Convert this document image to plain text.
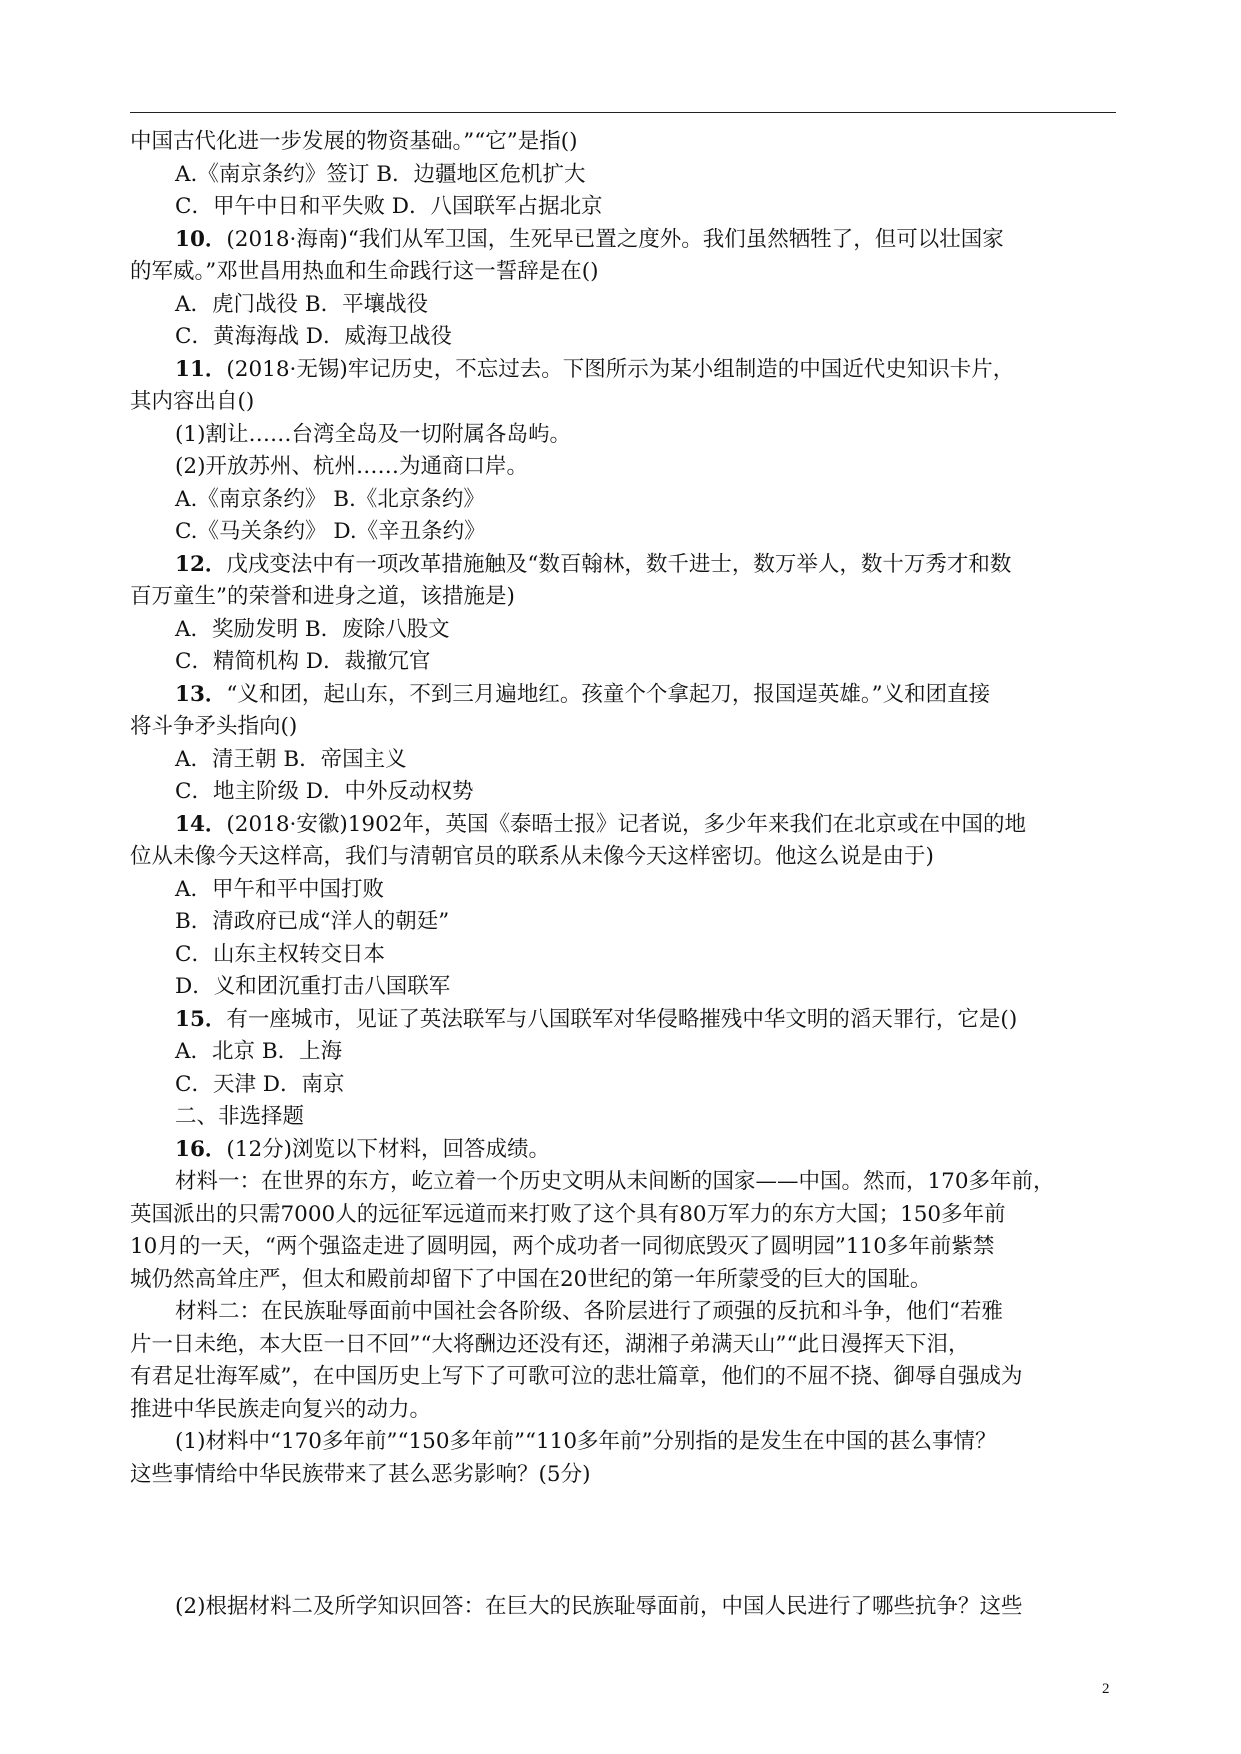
中国古代化进一步发展的物资基础。”“它”是指()
A.《南京条约》签订 B．边疆地区危机扩大
C．甲午中日和平失败 D．八国联军占据北京
10．(2018·海南)“我们从军卫国，生死早已置之度外。我们虽然牺牲了，但可以壮国家
的军威。”邓世昌用热血和生命践行这一誓辞是在()
A．虎门战役 B．平壤战役
C．黄海海战 D．威海卫战役
11．(2018·无锡)牢记历史，不忘过去。下图所示为某小组制造的中国近代史知识卡片，
其内容出自()
(1)割让……台湾全岛及一切附属各岛屿。
(2)开放苏州、杭州……为通商口岸。
A.《南京条约》 B.《北京条约》
C.《马关条约》 D.《辛丑条约》
12．戊戌变法中有一项改革措施触及“数百翰林，数千进士，数万举人，数十万秀才和数
百万童生”的荣誉和进身之道，该措施是)
A．奖励发明 B．废除八股文
C．精简机构 D．裁撤冗官
13．“义和团，起山东，不到三月遍地红。孩童个个拿起刀，报国逞英雄。”义和团直接
将斗争矛头指向()
A．清王朝 B．帝国主义
C．地主阶级 D．中外反动权势
14．(2018·安徽)1902年，英国《泰晤士报》记者说，多少年来我们在北京或在中国的地
位从未像今天这样高，我们与清朝官员的联系从未像今天这样密切。他这么说是由于)
A．甲午和平中国打败
B．清政府已成“洋人的朝廷”
C．山东主权转交日本
D．义和团沉重打击八国联军
15．有一座城市，见证了英法联军与八国联军对华侵略摧残中华文明的滔天罪行，它是()
A．北京 B．上海
C．天津 D．南京
二、非选择题
16．(12分)浏览以下材料，回答成绩。
材料一：在世界的东方，屹立着一个历史文明从未间断的国家——中国。然而，170多年前，
英国派出的只需7000人的远征军远道而来打败了这个具有80万军力的东方大国；150多年前
10月的一天，“两个强盗走进了圆明园，两个成功者一同彻底毁灭了圆明园”110多年前紫禁
城仍然高耸庄严，但太和殿前却留下了中国在20世纪的第一年所蒙受的巨大的国耻。
材料二：在民族耻辱面前中国社会各阶级、各阶层进行了顽强的反抗和斗争，他们“若雅
片一日未绝，本大臣一日不回”“大将酬边还没有还，湖湘子弟满天山”“此日漫挥天下泪，
有君足壮海军威”，在中国历史上写下了可歌可泣的悲壮篇章，他们的不屈不挠、御辱自强成为
推进中华民族走向复兴的动力。
(1)材料中“170多年前”“150多年前”“110多年前”分别指的是发生在中国的甚么事情？
这些事情给中华民族带来了甚么恶劣影响？(5分)
(2)根据材料二及所学知识回答：在巨大的民族耻辱面前，中国人民进行了哪些抗争？这些
2
